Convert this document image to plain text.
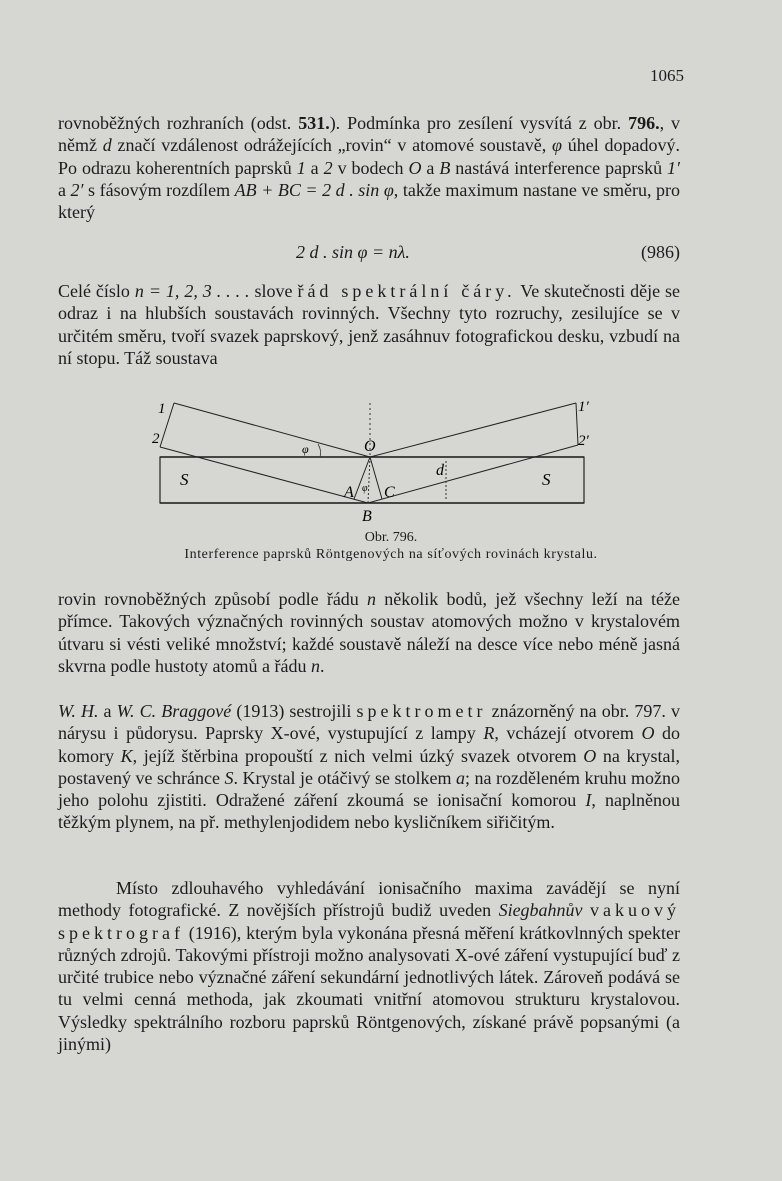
1065

rovnoběžných rozhraních (odst. 531.). Podmínka pro zesílení vysvítá z obr. 796., v němž d značí vzdálenost odrážejících „rovin“ v atomové soustavě, φ úhel dopadový. Po odrazu koherentních paprsků 1 a 2 v bodech O a B nastává interference paprsků 1′ a 2′ s fásovým rozdílem AB + BC = 2 d . sin φ, takže maximum nastane ve směru, pro který

2 d . sin φ = nλ.	(986)

Celé číslo n = 1, 2, 3 . . . . slove řád spektrální čáry. Ve skutečnosti děje se odraz i na hlubších soustavách rovinných. Všechny tyto rozruchy, zesilujíce se v určitém směru, tvoří svazek paprskový, jenž zasáhnuv fotografickou desku, vzbudí na ní stopu. Táž soustava

1
2
1′
2′
O
A C
B
S	S
d
φ
φ
Obr. 796.
Interference paprsků Röntgenových na síťových rovinách krystalu.

rovin rovnoběžných způsobí podle řádu n několik bodů, jež všechny leží na téže přímce. Takových význačných rovinných soustav atomových možno v krystalovém útvaru si vésti veliké množství; každé soustavě náleží na desce více nebo méně jasná skvrna podle hustoty atomů a řádu n.

W. H. a W. C. Braggové (1913) sestrojili spektrometr znázorněný na obr. 797. v nárysu i půdorysu. Paprsky X-ové, vystupující z lampy R, vcházejí otvorem O do komory K, jejíž štěrbina propouští z nich velmi úzký svazek otvorem O na krystal, postavený ve schránce S. Krystal je otáčivý se stolkem a; na rozděleném kruhu možno jeho polohu zjistiti. Odražené záření zkoumá se ionisační komorou I, naplněnou těžkým plynem, na př. methylenjodidem nebo kysličníkem siřičitým.

Místo zdlouhavého vyhledávání ionisačního maxima zavádějí se nyní methody fotografické. Z novějších přístrojů budiž uveden Siegbahnův vakuový spektrograf (1916), kterým byla vykonána přesná měření krátkovlnných spekter různých zdrojů. Takovými přístroji možno analysovati X-ové záření vystupující buď z určité trubice nebo význačné záření sekundární jednotlivých látek. Zároveň podává se tu velmi cenná methoda, jak zkoumati vnitřní atomovou strukturu krystalovou. Výsledky spektrálního rozboru paprsků Röntgenových, získané právě popsanými (a jinými)
